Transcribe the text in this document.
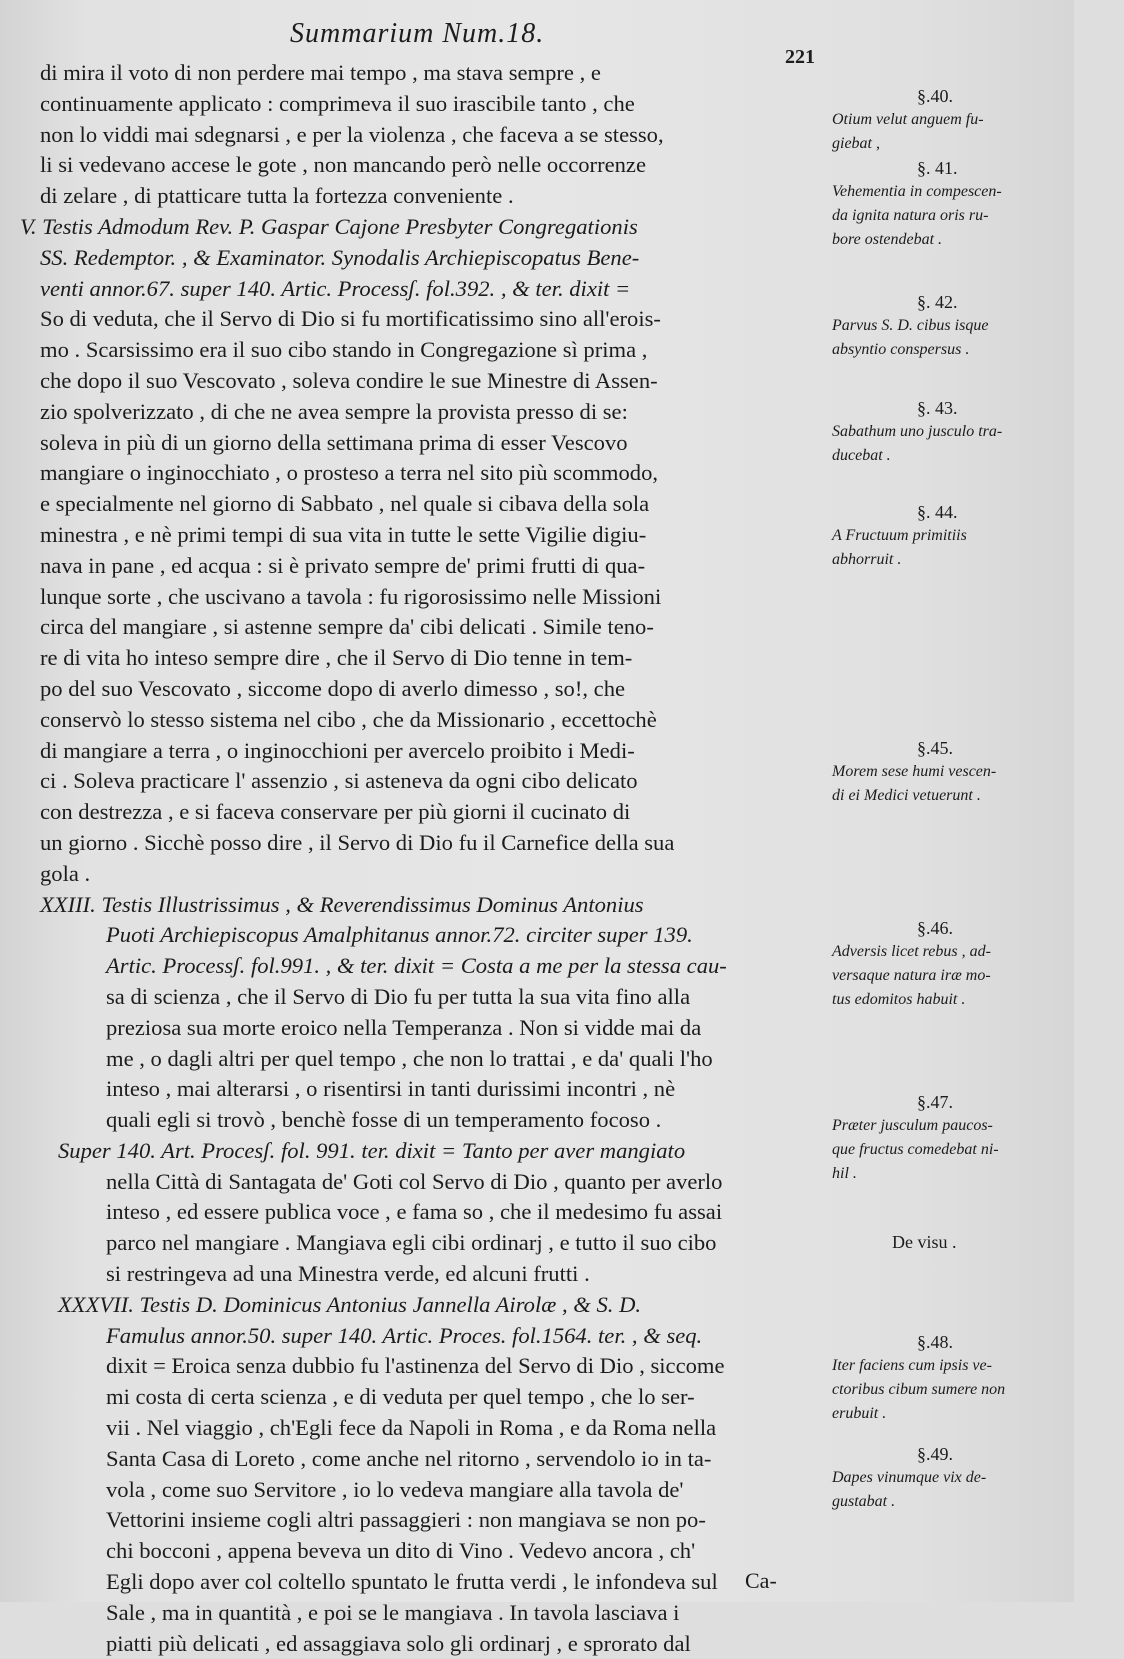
Summarium Num.18.
221
di mira il voto di non perdere mai tempo , ma stava sempre , e
continuamente applicato : comprimeva il suo irascibile tanto , che
non lo viddi mai sdegnarsi , e per la violenza , che faceva a se stesso,
li si vedevano accese le gote , non mancando però nelle occorrenze
di zelare , di ptatticare tutta la fortezza conveniente .
V. Testis Admodum Rev. P. Gaspar Cajone Presbyter Congregationis
SS. Redemptor. , & Examinator. Synodalis Archiepiscopatus Bene-
venti annor.67. super 140. Artic. Processʃ. fol.392. , & ter. dixit =
So di veduta, che il Servo di Dio si fu mortificatissimo sino all'erois-
mo . Scarsissimo era il suo cibo stando in Congregazione sì prima ,
che dopo il suo Vescovato , soleva condire le sue Minestre di Assen-
zio spolverizzato , di che ne avea sempre la provista presso di se:
soleva in più di un giorno della settimana prima di esser Vescovo
mangiare o inginocchiato , o prosteso a terra nel sito più scommodo,
e specialmente nel giorno di Sabbato , nel quale si cibava della sola
minestra , e nè primi tempi di sua vita in tutte le sette Vigilie digiu-
nava in pane , ed acqua : si è privato sempre de' primi frutti di qua-
lunque sorte , che uscivano a tavola : fu rigorosissimo nelle Missioni
circa del mangiare , si astenne sempre da' cibi delicati . Simile teno-
re di vita ho inteso sempre dire , che il Servo di Dio tenne in tem-
po del suo Vescovato , siccome dopo di averlo dimesso , so!, che
conservò lo stesso sistema nel cibo , che da Missionario , eccettochè
di mangiare a terra , o inginocchioni per avercelo proibito i Medi-
ci . Soleva practicare l' assenzio , si asteneva da ogni cibo delicato
con destrezza , e si faceva conservare per più giorni il cucinato di
un giorno . Sicchè posso dire , il Servo di Dio fu il Carnefice della sua
gola .
XXIII. Testis Illustrissimus , & Reverendissimus Dominus Antonius
Puoti Archiepiscopus Amalphitanus annor.72. circiter super 139.
Artic. Processʃ. fol.991. , & ter. dixit = Costa a me per la stessa cau-
sa di scienza , che il Servo di Dio fu per tutta la sua vita fino alla
preziosa sua morte eroico nella Temperanza . Non si vidde mai da
me , o dagli altri per quel tempo , che non lo trattai , e da' quali l'ho
inteso , mai alterarsi , o risentirsi in tanti durissimi incontri , nè
quali egli si trovò , benchè fosse di un temperamento focoso .
Super 140. Art. Procesʃ. fol. 991. ter. dixit = Tanto per aver mangiato
nella Città di Santagata de' Goti col Servo di Dio , quanto per averlo
inteso , ed essere publica voce , e fama so , che il medesimo fu assai
parco nel mangiare . Mangiava egli cibi ordinarj , e tutto il suo cibo
si restringeva ad una Minestra verde, ed alcuni frutti .
XXXVII. Testis D. Dominicus Antonius Jannella Airolæ , & S. D.
Famulus annor.50. super 140. Artic. Proces. fol.1564. ter. , & seq.
dixit = Eroica senza dubbio fu l'astinenza del Servo di Dio , siccome
mi costa di certa scienza , e di veduta per quel tempo , che lo ser-
vii . Nel viaggio , ch'Egli fece da Napoli in Roma , e da Roma nella
Santa Casa di Loreto , come anche nel ritorno , servendolo io in ta-
vola , come suo Servitore , io lo vedeva mangiare alla tavola de'
Vettorini insieme cogli altri passaggieri : non mangiava se non po-
chi bocconi , appena beveva un dito di Vino . Vedevo ancora , ch'
Egli dopo aver col coltello spuntato le frutta verdi , le infondeva sul
Sale , ma in quantità , e poi se le mangiava . In tavola lasciava i
piatti più delicati , ed assaggiava solo gli ordinarj , e sprorato dal
§.40.
Otium velut anguem fu-
giebat ,
§. 41.
Vehementia in compescen-
da ignita natura oris ru-
bore ostendebat .
§. 42.
Parvus S. D. cibus isque
absyntio conspersus .
§. 43.
Sabathum uno jusculo tra-
ducebat .
§. 44.
A Fructuum primitiis
abhorruit .
§.45.
Morem sese humi vescen-
di ei Medici vetuerunt .
§.46.
Adversis licet rebus , ad-
versaque natura iræ mo-
tus edomitos habuit .
§.47.
Præter jusculum paucos-
que fructus comedebat ni-
hil .
De visu .
§.48.
Iter faciens cum ipsis ve-
ctoribus cibum sumere non
erubuit .
§.49.
Dapes vinumque vix de-
gustabat .
Ca-
